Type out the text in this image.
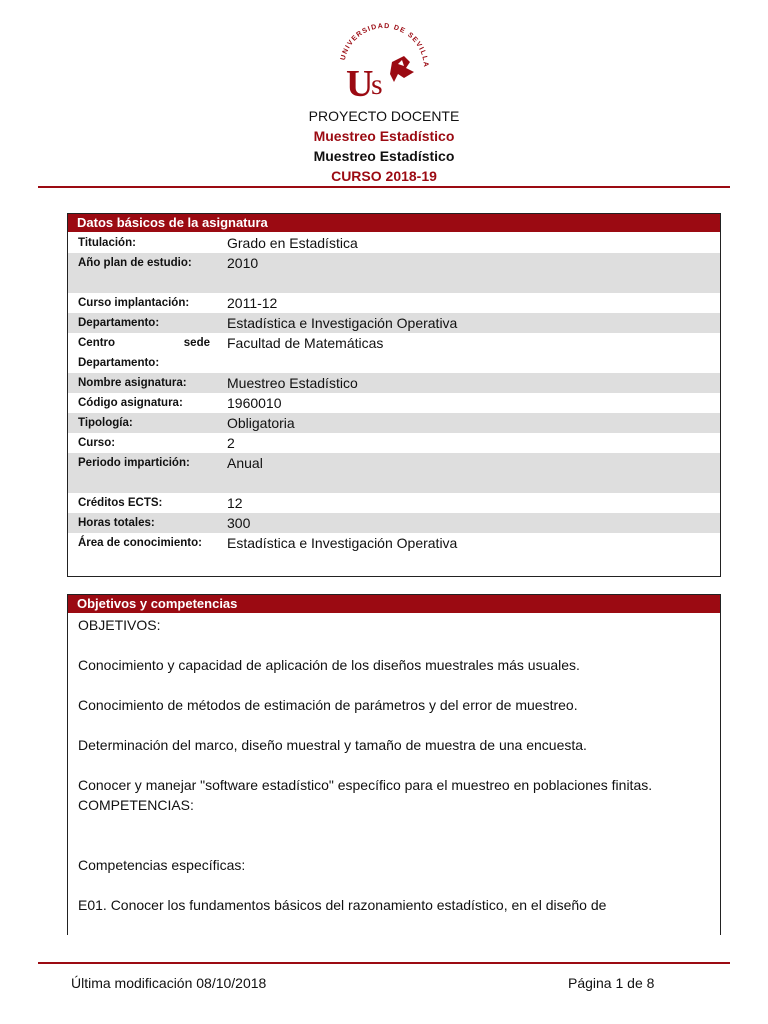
UNIVERSIDAD DE SEVILLA
U
s
PROYECTO DOCENTE
Muestreo Estadístico
Muestreo Estadístico
CURSO 2018-19
Datos básicos de la asignatura
Titulación:	Grado en Estadística
Año plan de estudio:	2010
Curso implantación:	2011-12
Departamento:	Estadística e Investigación Operativa
Centro sede Departamento:
Facultad de Matemáticas
Nombre asignatura:	Muestreo Estadístico
Código asignatura:	1960010
Tipología:	Obligatoria
Curso:	2
Periodo impartición:	Anual
Créditos ECTS:	12
Horas totales:	300
Área de conocimiento:	Estadística e Investigación Operativa
Objetivos y competencias
OBJETIVOS:
Conocimiento y capacidad de aplicación de los diseños muestrales más usuales.
Conocimiento de métodos de estimación de parámetros y del error de muestreo.
Determinación del marco, diseño muestral y tamaño de muestra de una encuesta.
Conocer y manejar "software estadístico" específico para el muestreo en poblaciones finitas.
COMPETENCIAS:
Competencias específicas:
E01. Conocer los fundamentos básicos del razonamiento estadístico, en el diseño de
Última modificación 08/10/2018	Página 1 de 8
